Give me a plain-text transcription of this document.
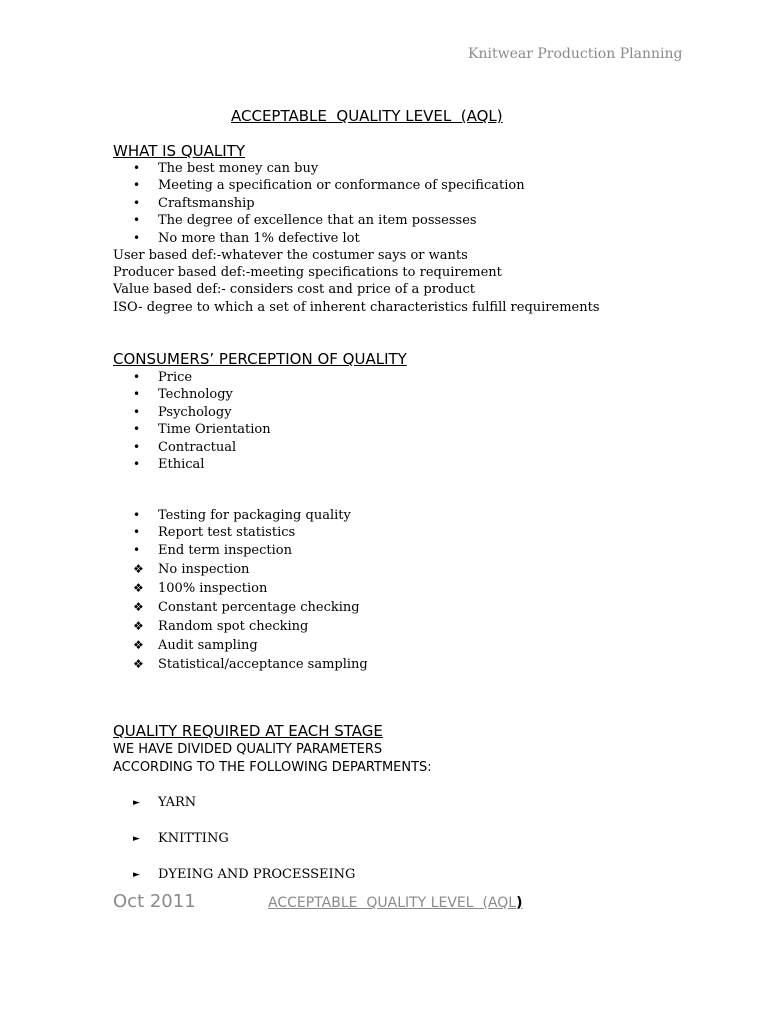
Knitwear Production Planning
ACCEPTABLE  QUALITY LEVEL  (AQL)
WHAT IS QUALITY
•	The best money can buy
•	Meeting a specification or conformance of specification
•	Craftsmanship
•	The degree of excellence that an item possesses
•	No more than 1% defective lot
User based def:-whatever the costumer says or wants
Producer based def:-meeting specifications to requirement
Value based def:- considers cost and price of a product
ISO- degree to which a set of inherent characteristics fulfill requirements
CONSUMERS’ PERCEPTION OF QUALITY
•	Price
•	Technology
•	Psychology
•	Time Orientation
•	Contractual
•	Ethical
•	Testing for packaging quality
•	Report test statistics
•	End term inspection
❖	No inspection
❖	100% inspection
❖	Constant percentage checking
❖	Random spot checking
❖	Audit sampling
❖	Statistical/acceptance sampling
QUALITY REQUIRED AT EACH STAGE
WE HAVE DIVIDED QUALITY PARAMETERS
ACCORDING TO THE FOLLOWING DEPARTMENTS:
►	YARN
►	KNITTING
►	DYEING AND PROCESSEING
Oct 2011	ACCEPTABLE  QUALITY LEVEL  (AQL)
